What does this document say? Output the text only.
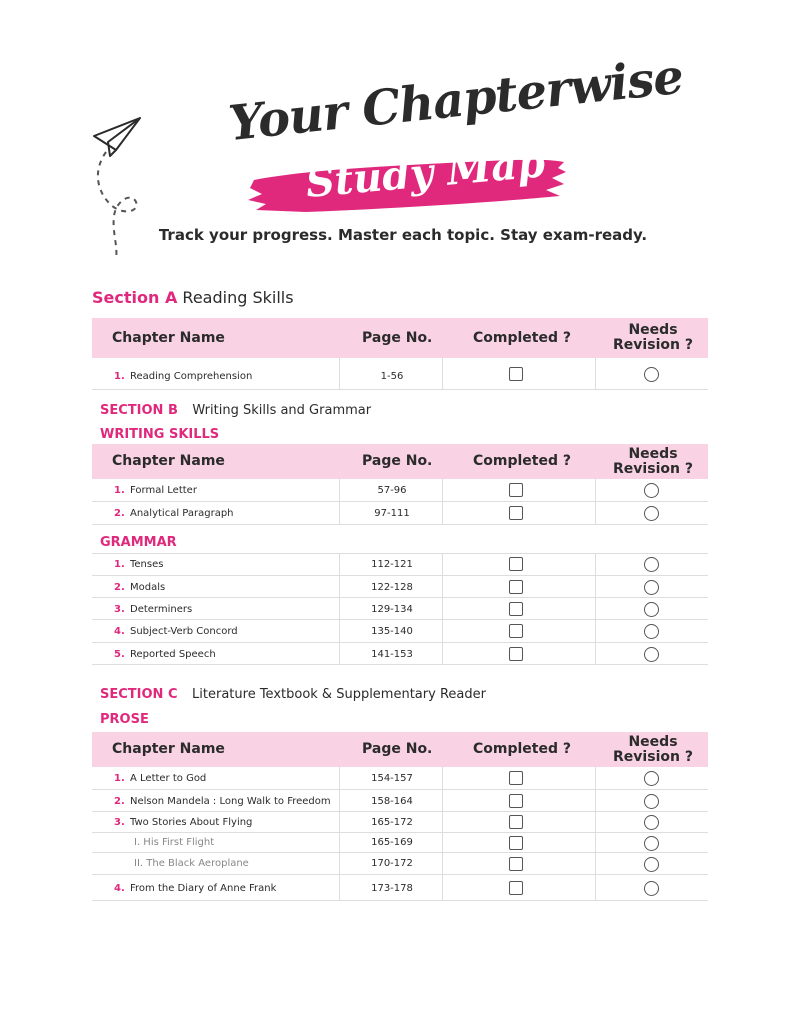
Your Chapterwise
Study Map
Track your progress. Master each topic. Stay exam-ready.
Section A Reading Skills
Chapter Name	Page No.	Completed ?	Needs
Revision ?
1. Reading Comprehension	1-56
SECTION B Writing Skills and Grammar
WRITING SKILLS
Chapter Name	Page No.	Completed ?	Needs
Revision ?
1. Formal Letter	57-96
2. Analytical Paragraph	97-111
GRAMMAR
1. Tenses	112-121
2. Modals	122-128
3. Determiners	129-134
4. Subject-Verb Concord	135-140
5. Reported Speech	141-153
SECTION C Literature Textbook & Supplementary Reader
PROSE
Chapter Name	Page No.	Completed ?	Needs
Revision ?
1. A Letter to God	154-157
2. Nelson Mandela : Long Walk to Freedom	158-164
3. Two Stories About Flying	165-172
I. His First Flight	165-169
II. The Black Aeroplane	170-172
4. From the Diary of Anne Frank	173-178
